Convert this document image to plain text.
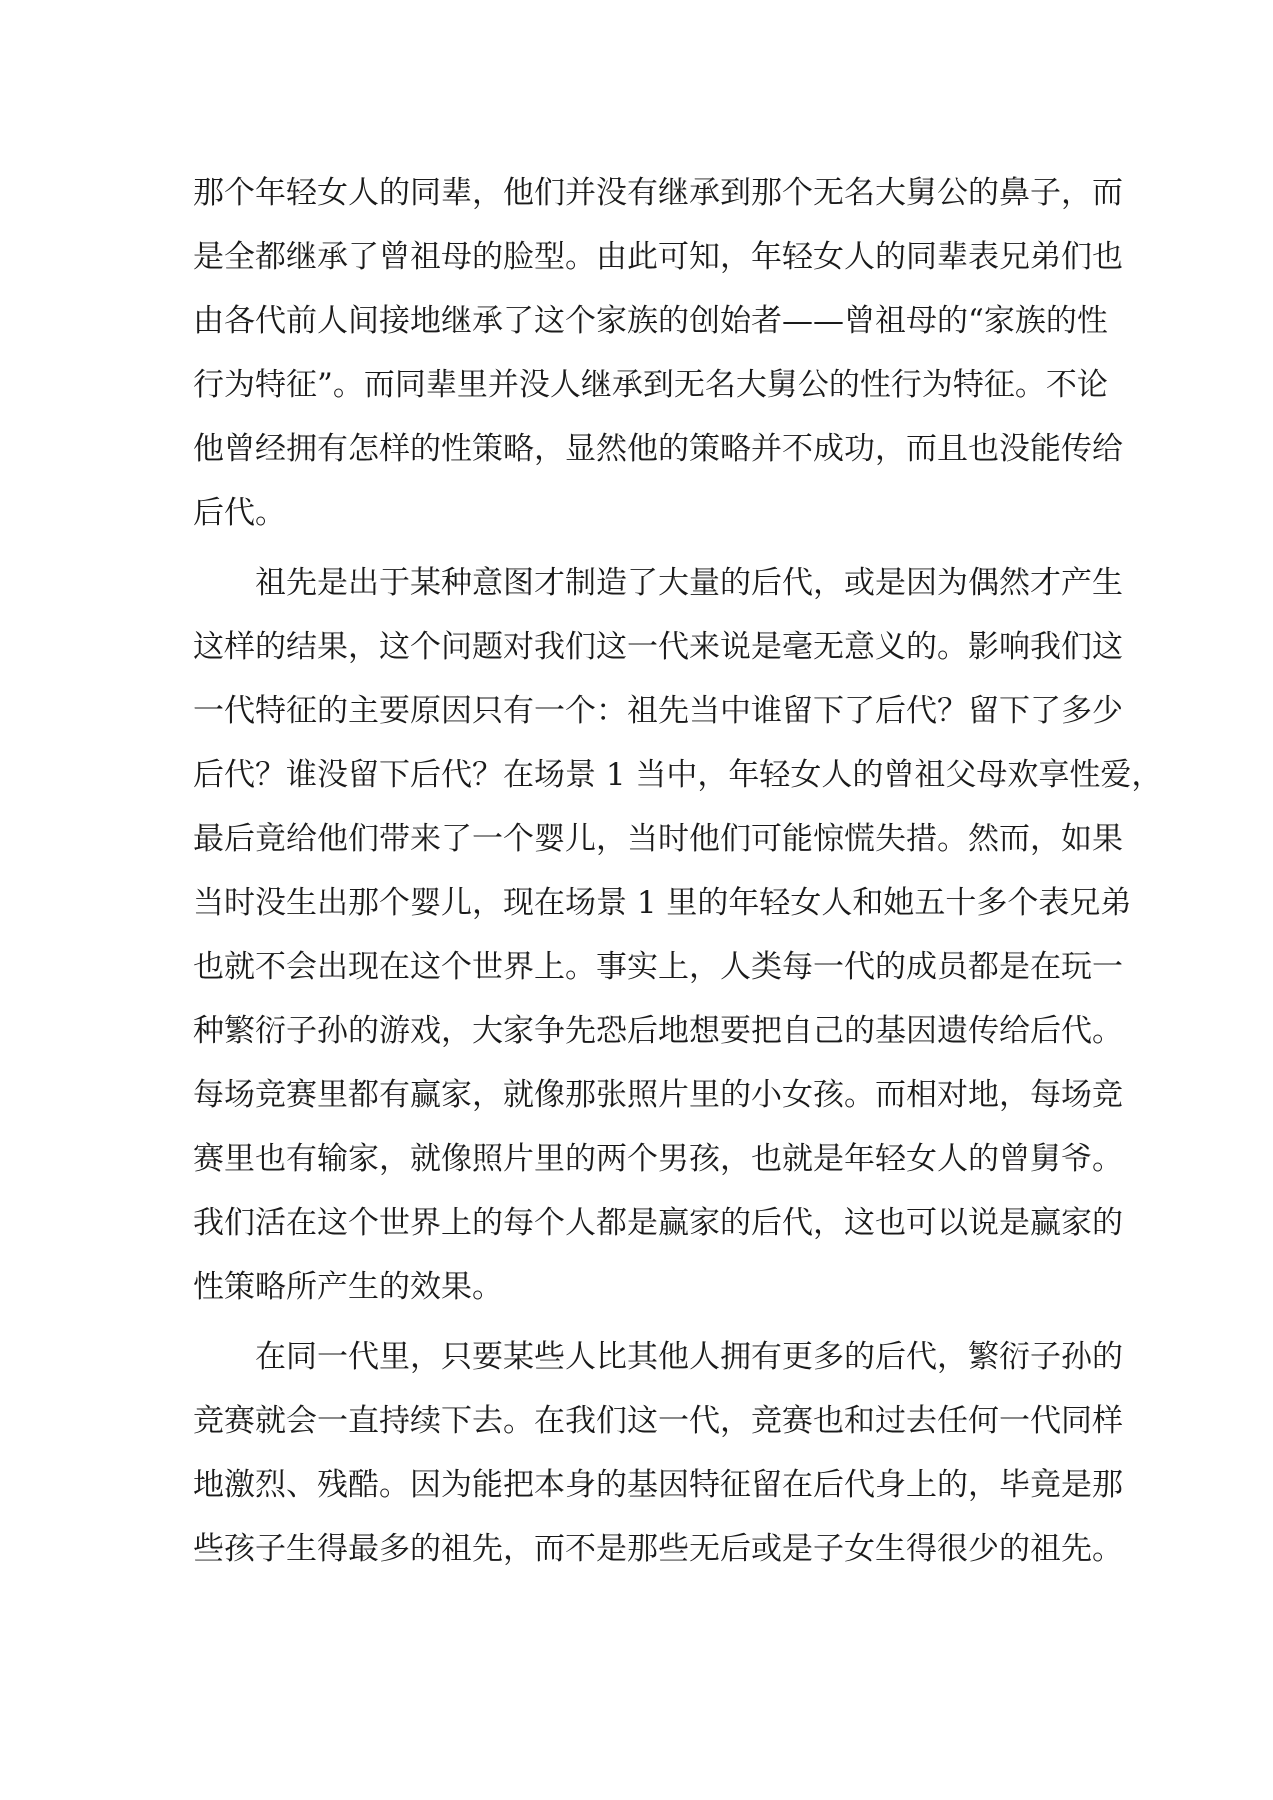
那个年轻女人的同辈，他们并没有继承到那个无名大舅公的鼻子，而
是全都继承了曾祖母的脸型。由此可知，年轻女人的同辈表兄弟们也
由各代前人间接地继承了这个家族的创始者——曾祖母的“家族的性
行为特征”。而同辈里并没人继承到无名大舅公的性行为特征。不论
他曾经拥有怎样的性策略，显然他的策略并不成功，而且也没能传给
后代。
祖先是出于某种意图才制造了大量的后代，或是因为偶然才产生
这样的结果，这个问题对我们这一代来说是毫无意义的。影响我们这
一代特征的主要原因只有一个：祖先当中谁留下了后代？留下了多少
后代？谁没留下后代？在场景 1 当中，年轻女人的曾祖父母欢享性爱，
最后竟给他们带来了一个婴儿，当时他们可能惊慌失措。然而，如果
当时没生出那个婴儿，现在场景 1 里的年轻女人和她五十多个表兄弟
也就不会出现在这个世界上。事实上，人类每一代的成员都是在玩一
种繁衍子孙的游戏，大家争先恐后地想要把自己的基因遗传给后代。
每场竞赛里都有赢家，就像那张照片里的小女孩。而相对地，每场竞
赛里也有输家，就像照片里的两个男孩，也就是年轻女人的曾舅爷。
我们活在这个世界上的每个人都是赢家的后代，这也可以说是赢家的
性策略所产生的效果。
在同一代里，只要某些人比其他人拥有更多的后代，繁衍子孙的
竞赛就会一直持续下去。在我们这一代，竞赛也和过去任何一代同样
地激烈、残酷。因为能把本身的基因特征留在后代身上的，毕竟是那
些孩子生得最多的祖先，而不是那些无后或是子女生得很少的祖先。
